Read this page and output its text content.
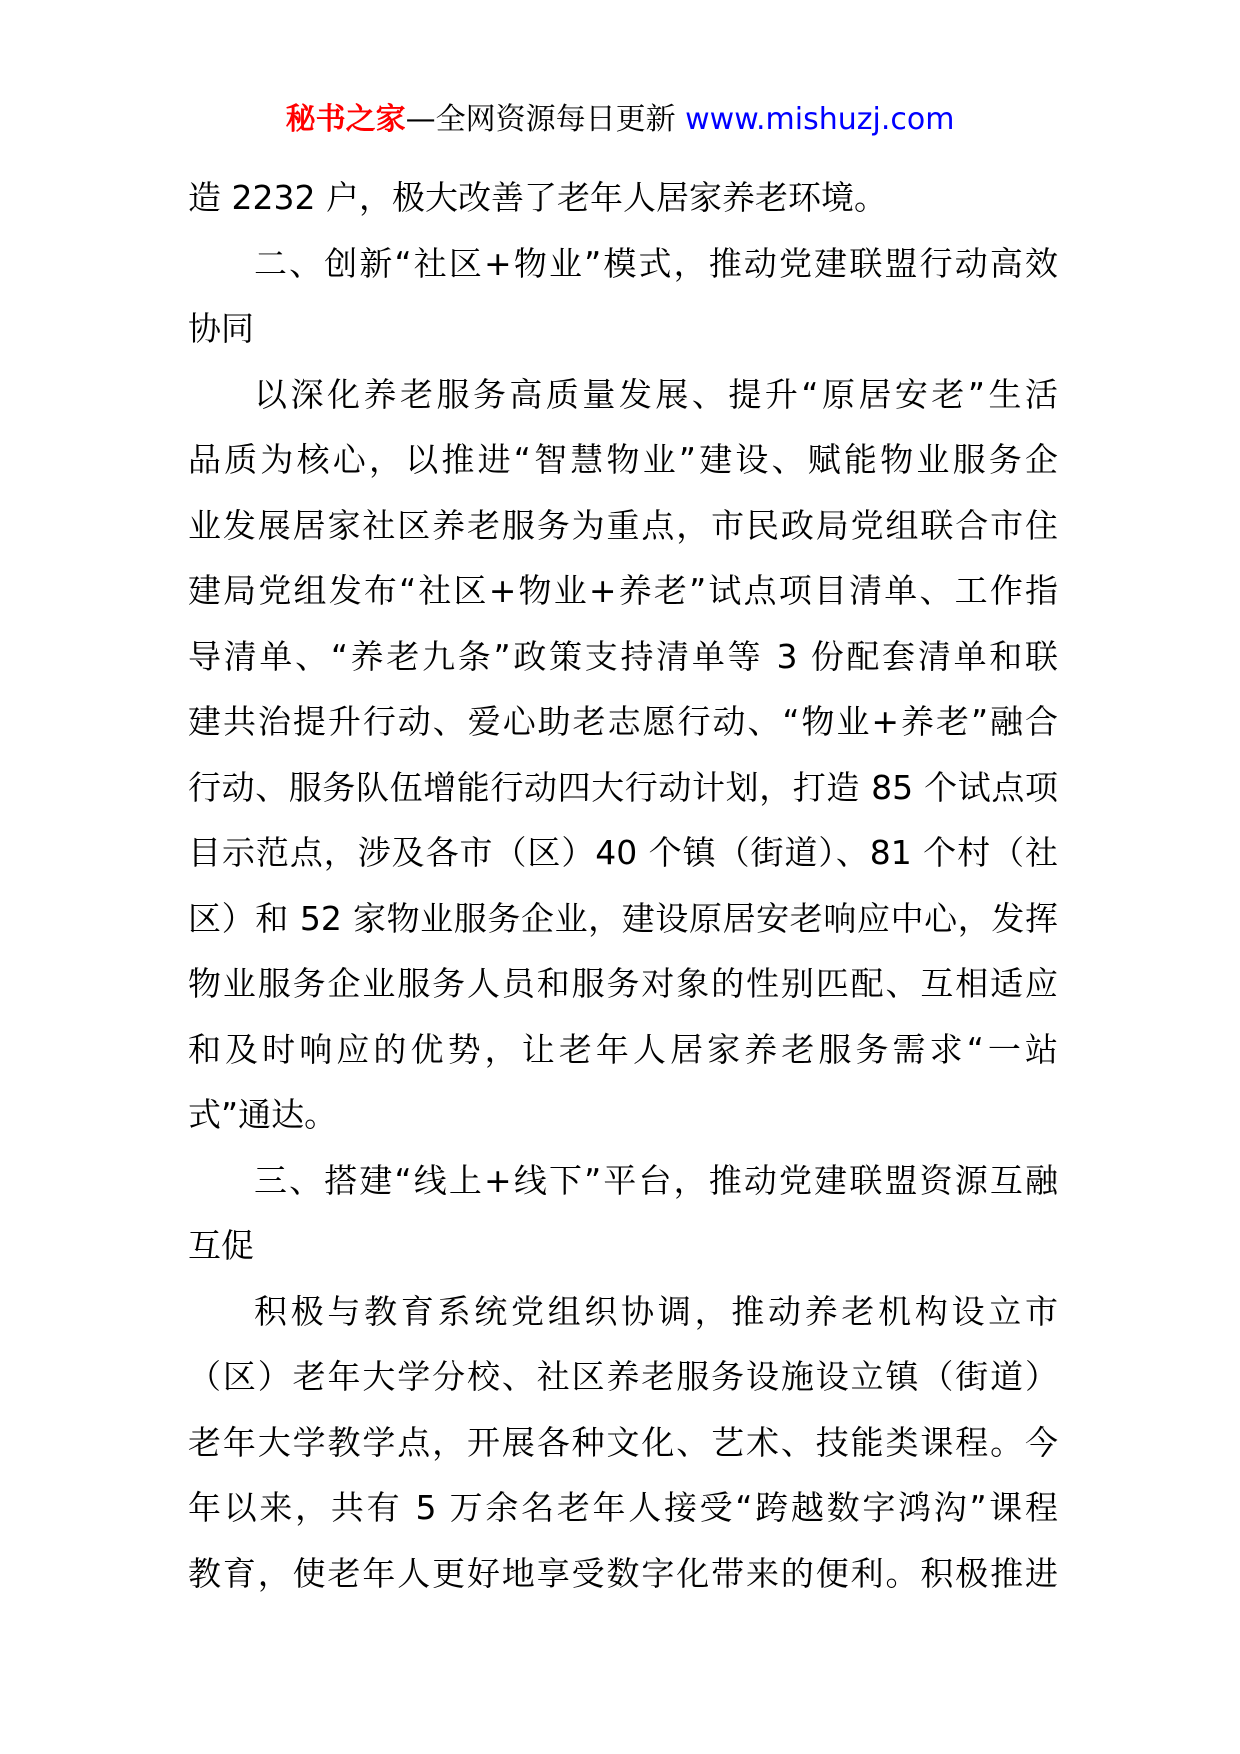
秘书之家—全网资源每日更新 www.mishuzj.com
造 2232 户，极大改善了老年人居家养老环境。
二、创新“社区+物业”模式，推动党建联盟行动高效
协同
以深化养老服务高质量发展、提升“原居安老”生活
品质为核心，以推进“智慧物业”建设、赋能物业服务企
业发展居家社区养老服务为重点，市民政局党组联合市住
建局党组发布“社区+物业+养老”试点项目清单、工作指
导清单、“养老九条”政策支持清单等 3 份配套清单和联
建共治提升行动、爱心助老志愿行动、“物业+养老”融合
行动、服务队伍增能行动四大行动计划，打造 85 个试点项
目示范点，涉及各市（区）40 个镇（街道）、81 个村（社
区）和 52 家物业服务企业，建设原居安老响应中心，发挥
物业服务企业服务人员和服务对象的性别匹配、互相适应
和及时响应的优势，让老年人居家养老服务需求“一站
式”通达。
三、搭建“线上+线下”平台，推动党建联盟资源互融
互促
积极与教育系统党组织协调，推动养老机构设立市
（区）老年大学分校、社区养老服务设施设立镇（街道）
老年大学教学点，开展各种文化、艺术、技能类课程。今
年以来，共有 5 万余名老年人接受“跨越数字鸿沟”课程
教育，使老年人更好地享受数字化带来的便利。积极推进
